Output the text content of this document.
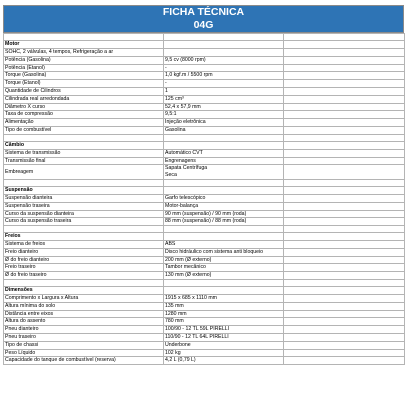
FICHA TÉCNICA
04G

Motor		
SOHC, 2 válvulas, 4 tempos, Refrigeração a ar		
Potência (Gasolina)	9,5 cv (8000 rpm)	
Potência (Etanol)	-	
Torque (Gasolina)	1,0 kgf.m / 5500 rpm	
Torque (Etanol)	-	
Quantidade de Cilindros	1	
Cilindrada real arredondada	125 cm³	
Diâmetro X curso	52,4 x 57,9 mm	
Taxa de compressão	9,5:1	
Alimentação	Injeção eletrônica	
Tipo de combustível	Gasolina	

Câmbio		
Sistema de transmissão	Automático CVT	
Transmissão final	Engrenagens	
Embreagem	Sapata Centrífuga
Seca	

Suspensão		
Suspensão dianteira	Garfo telescópico	
Suspensão traseira	Motor-balança	
Curso da suspensão dianteira	90 mm (suspensão) / 90 mm (roda)	
Curso da suspensão traseira	88 mm (suspensão) / 88 mm (roda)	

Freios		
Sistema de freios	ABS	
Freio dianteiro	Disco hidráulico com sistema anti bloqueio	
Ø do freio dianteiro	200 mm (Ø externo)	
Freio traseiro	Tambor mecânico	
Ø do freio traseiro	130 mm (Ø externo)	

Dimensões		
Comprimento x Largura x Altura	1915 x 685 x 1110 mm	
Altura mínima do solo	135 mm	
Distância entre eixos	1280 mm	
Altura do assento	780 mm	
Pneu dianteiro	100/90 - 12 TL 59L PIRELLI	
Pneu traseiro	110/90 - 12 TL 64L PIRELLI	
Tipo de chassi	Underbone	
Peso Líquido	102 kg	
Capacidade do tanque de combustível (reserva)	4,2 L (0,79 L)	
